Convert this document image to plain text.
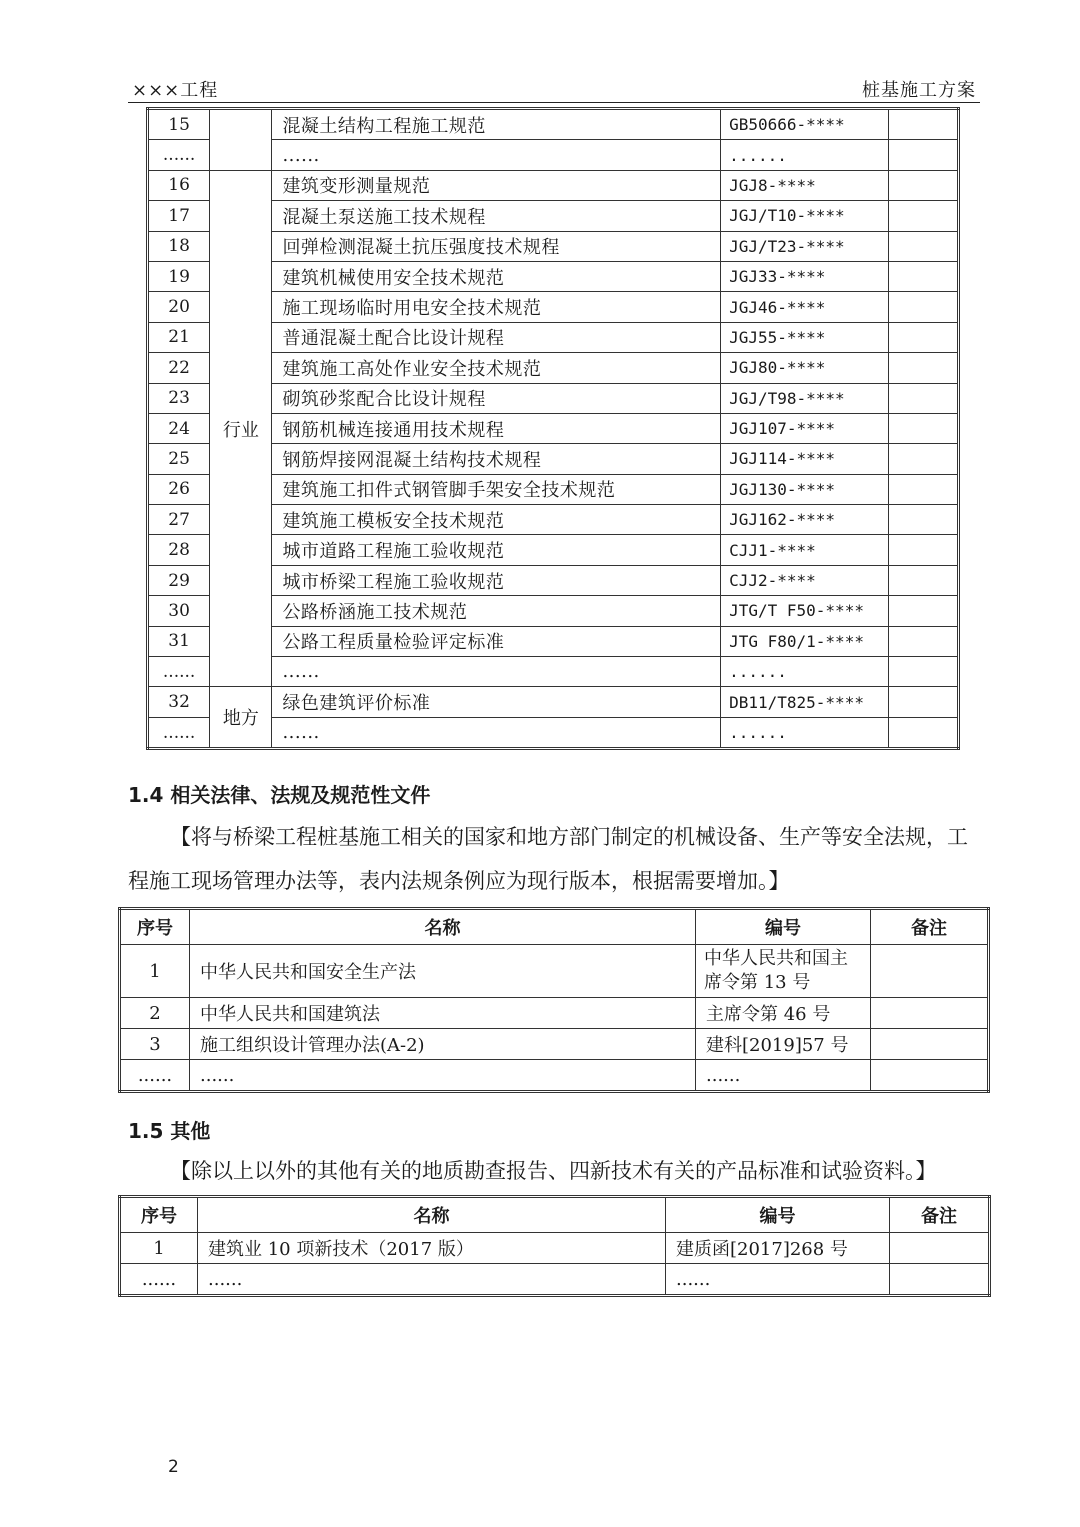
×××工程	桩基施工方案
15		混凝土结构工程施工规范	GB50666-****	
......		......	......	
16	行业	建筑变形测量规范	JGJ8-****	
17		混凝土泵送施工技术规程	JGJ/T10-****	
18		回弹检测混凝土抗压强度技术规程	JGJ/T23-****	
19		建筑机械使用安全技术规范	JGJ33-****	
20		施工现场临时用电安全技术规范	JGJ46-****	
21		普通混凝土配合比设计规程	JGJ55-****	
22		建筑施工高处作业安全技术规范	JGJ80-****	
23		砌筑砂浆配合比设计规程	JGJ/T98-****	
24		钢筋机械连接通用技术规程	JGJ107-****	
25		钢筋焊接网混凝土结构技术规程	JGJ114-****	
26		建筑施工扣件式钢管脚手架安全技术规范	JGJ130-****	
27		建筑施工模板安全技术规范	JGJ162-****	
28		城市道路工程施工验收规范	CJJ1-****	
29		城市桥梁工程施工验收规范	CJJ2-****	
30		公路桥涵施工技术规范	JTG/T F50-****	
31		公路工程质量检验评定标准	JTG F80/1-****	
......		......	......	
32	地方	绿色建筑评价标准	DB11/T825-****	
......		......	......	
1.4 相关法律、法规及规范性文件
【将与桥梁工程桩基施工相关的国家和地方部门制定的机械设备、生产等安全法规，工程施工现场管理办法等，表内法规条例应为现行版本，根据需要增加。】
序号	名称	编号	备注
1	中华人民共和国安全生产法	中华人民共和国主席令第 13 号	
2	中华人民共和国建筑法	主席令第 46 号	
3	施工组织设计管理办法(A-2)	建科[2019]57 号	
......	......	......	
1.5 其他
【除以上以外的其他有关的地质勘查报告、四新技术有关的产品标准和试验资料。】
序号	名称	编号	备注
1	建筑业 10 项新技术（2017 版）	建质函[2017]268 号	
......	......	......	
2
